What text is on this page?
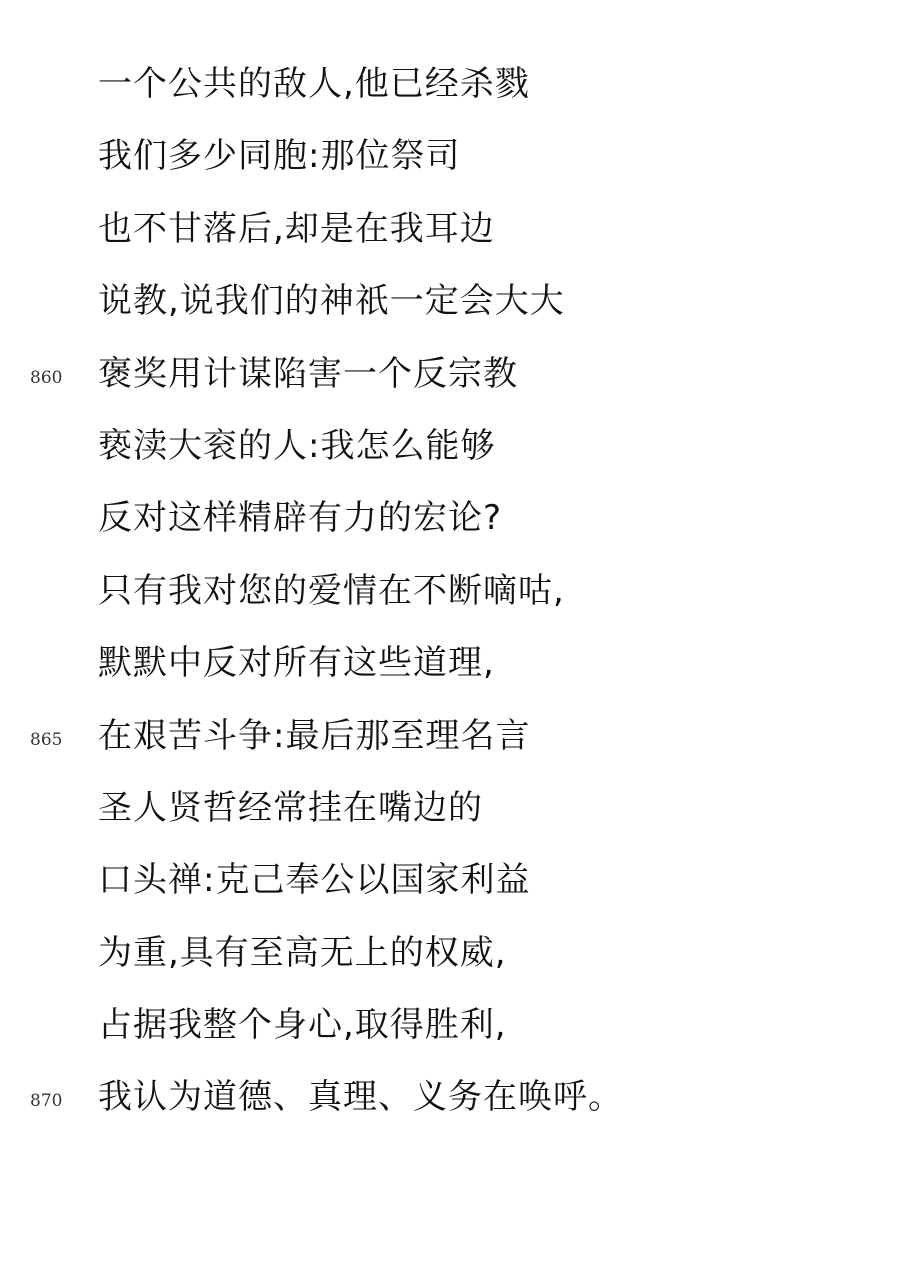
一个公共的敌人,他已经杀戮
我们多少同胞:那位祭司
也不甘落后,却是在我耳边
说教,说我们的神祇一定会大大
860 褒奖用计谋陷害一个反宗教
亵渎大衮的人:我怎么能够
反对这样精辟有力的宏论?
只有我对您的爱情在不断嘀咕,
默默中反对所有这些道理,
865 在艰苦斗争:最后那至理名言
圣人贤哲经常挂在嘴边的
口头禅:克己奉公以国家利益
为重,具有至高无上的权威,
占据我整个身心,取得胜利,
870 我认为道德、真理、义务在唤呼。
